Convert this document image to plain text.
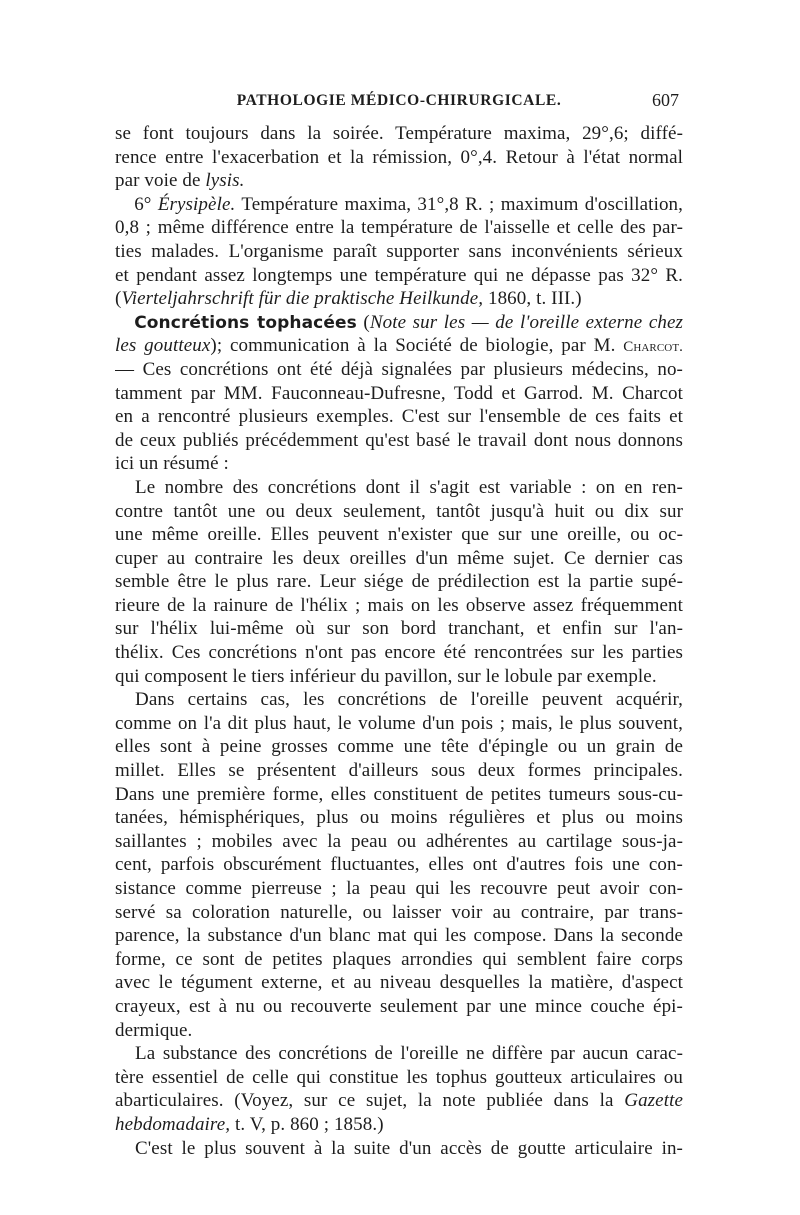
PATHOLOGIE MÉDICO-CHIRURGICALE.	607
se font toujours dans la soirée. Température maxima, 29°,6; diffé-
rence entre l'exacerbation et la rémission, 0°,4. Retour à l'état normal
par voie de lysis.
  6° Érysipèle. Température maxima, 31°,8 R. ; maximum d'oscillation,
0,8 ; même différence entre la température de l'aisselle et celle des par-
ties malades. L'organisme paraît supporter sans inconvénients sérieux
et pendant assez longtemps une température qui ne dépasse pas 32° R.
(Vierteljahrschrift für die praktische Heilkunde, 1860, t. III.)
  Concrétions tophacées (Note sur les — de l'oreille externe chez
les goutteux); communication à la Société de biologie, par M. Charcot.
— Ces concrétions ont été déjà signalées par plusieurs médecins, no-
tamment par MM. Fauconneau-Dufresne, Todd et Garrod. M. Charcot
en a rencontré plusieurs exemples. C'est sur l'ensemble de ces faits et
de ceux publiés précédemment qu'est basé le travail dont nous donnons
ici un résumé :
Le nombre des concrétions dont il s'agit est variable : on en ren-
contre tantôt une ou deux seulement, tantôt jusqu'à huit ou dix sur
une même oreille. Elles peuvent n'exister que sur une oreille, ou oc-
cuper au contraire les deux oreilles d'un même sujet. Ce dernier cas
semble être le plus rare. Leur siége de prédilection est la partie supé-
rieure de la rainure de l'hélix ; mais on les observe assez fréquemment
sur l'hélix lui-même où sur son bord tranchant, et enfin sur l'an-
thélix. Ces concrétions n'ont pas encore été rencontrées sur les parties
qui composent le tiers inférieur du pavillon, sur le lobule par exemple.
Dans certains cas, les concrétions de l'oreille peuvent acquérir,
comme on l'a dit plus haut, le volume d'un pois ; mais, le plus souvent,
elles sont à peine grosses comme une tête d'épingle ou un grain de
millet. Elles se présentent d'ailleurs sous deux formes principales.
Dans une première forme, elles constituent de petites tumeurs sous-cu-
tanées, hémisphériques, plus ou moins régulières et plus ou moins
saillantes ; mobiles avec la peau ou adhérentes au cartilage sous-ja-
cent, parfois obscurément fluctuantes, elles ont d'autres fois une con-
sistance comme pierreuse ; la peau qui les recouvre peut avoir con-
servé sa coloration naturelle, ou laisser voir au contraire, par trans-
parence, la substance d'un blanc mat qui les compose. Dans la seconde
forme, ce sont de petites plaques arrondies qui semblent faire corps
avec le tégument externe, et au niveau desquelles la matière, d'aspect
crayeux, est à nu ou recouverte seulement par une mince couche épi-
dermique.
La substance des concrétions de l'oreille ne diffère par aucun carac-
tère essentiel de celle qui constitue les tophus goutteux articulaires ou
abarticulaires. (Voyez, sur ce sujet, la note publiée dans la Gazette
hebdomadaire, t. V, p. 860 ; 1858.)
C'est le plus souvent à la suite d'un accès de goutte articulaire in-
